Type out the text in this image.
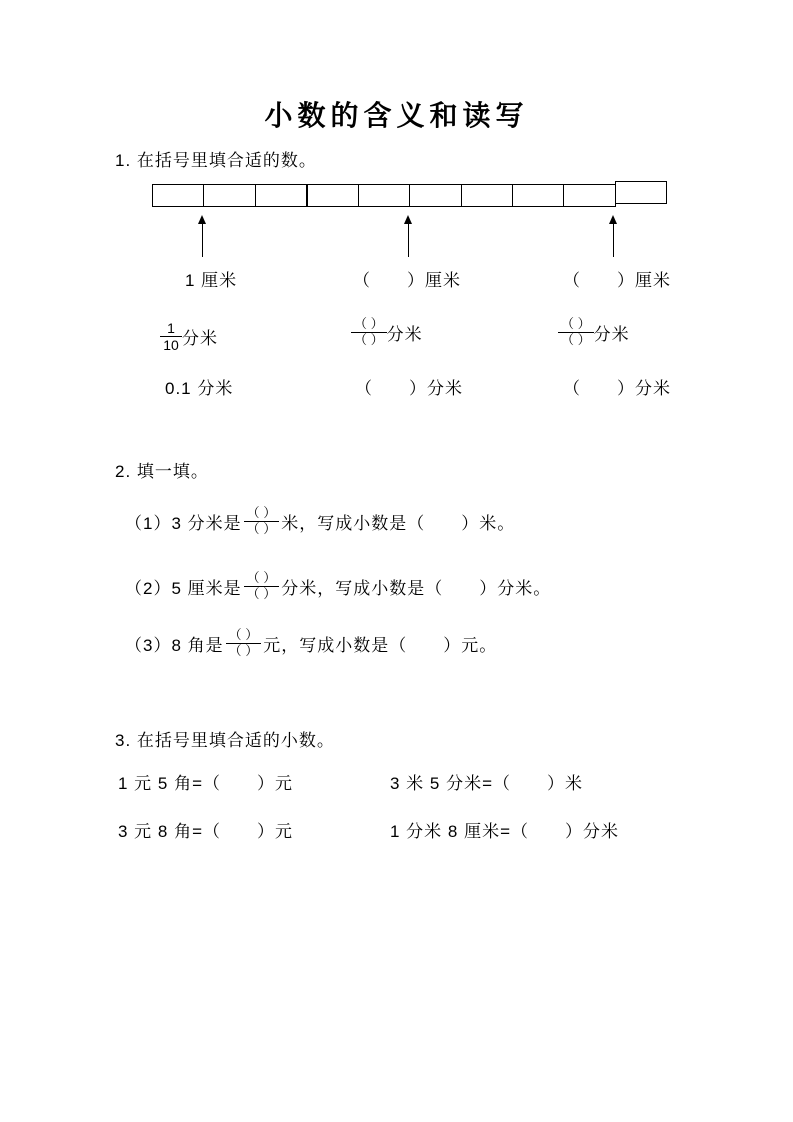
小数的含义和读写
1. 在括号里填合适的数。
1 厘米	（　　）厘米	（　　）厘米
$\frac{1}{10}$ 分米	$\frac{( )}{( )}$ 分米	$\frac{( )}{( )}$ 分米
0.1 分米	（　　）分米	（　　）分米
2. 填一填。
（1）3 分米是 $\frac{( )}{( )}$ 米，写成小数是（　　）米。
（2）5 厘米是 $\frac{( )}{( )}$ 分米，写成小数是（　　）分米。
（3）8 角是 $\frac{( )}{( )}$ 元，写成小数是（　　）元。
3. 在括号里填合适的小数。
1 元 5 角=（　　）元	3 米 5 分米=（　　）米
3 元 8 角=（　　）元	1 分米 8 厘米=（　　）分米
